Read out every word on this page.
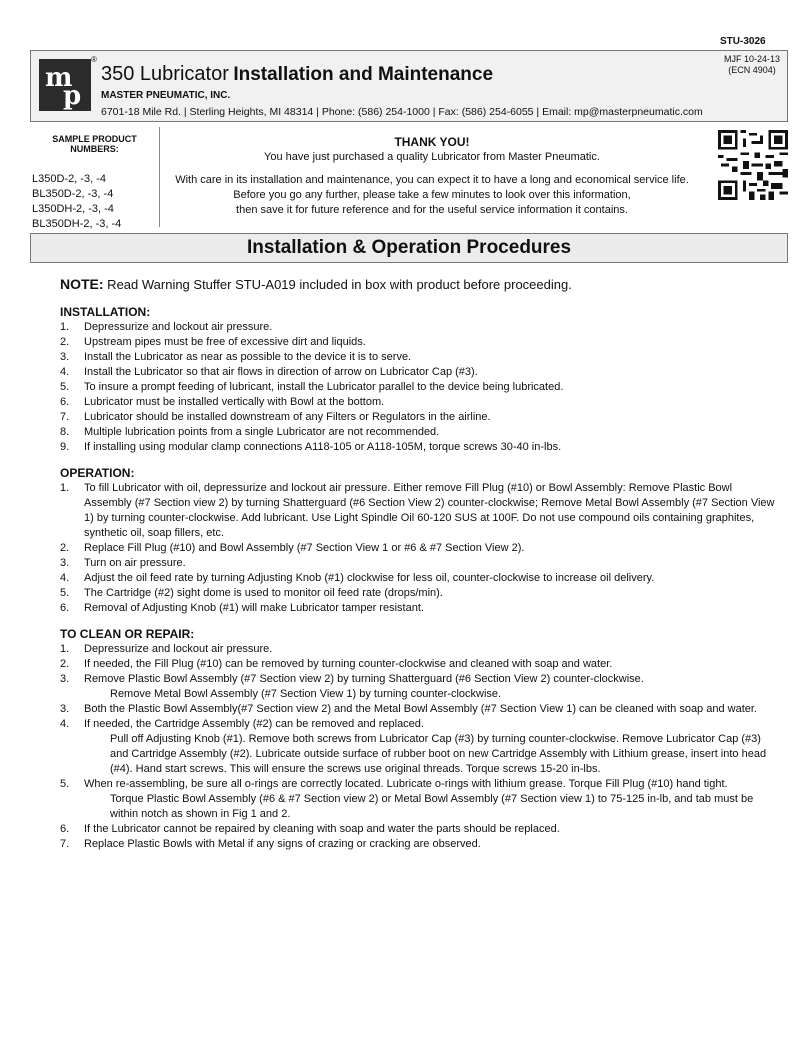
STU-3026
m
p
®
350 Lubricator Installation and Maintenance
MASTER PNEUMATIC, INC.
6701-18 Mile Rd. | Sterling Heights, MI 48314 | Phone: (586) 254-1000 | Fax: (586) 254-6055 | Email: mp@masterpneumatic.com
MJF 10-24-13
(ECN 4904)
SAMPLE PRODUCT NUMBERS:
L350D-2, -3, -4
BL350D-2, -3, -4
L350DH-2, -3, -4
BL350DH-2, -3, -4
THANK YOU!
You have just purchased a quality Lubricator from Master Pneumatic.
With care in its installation and maintenance, you can expect it to have a long and economical service life.
Before you go any further, please take a few minutes to look over this information,
then save it for future reference and for the useful service information it contains.
Installation & Operation Procedures
NOTE: Read Warning Stuffer STU-A019 included in box with product before proceeding.
INSTALLATION:
1. Depressurize and lockout air pressure.
2. Upstream pipes must be free of excessive dirt and liquids.
3. Install the Lubricator as near as possible to the device it is to serve.
4. Install the Lubricator so that air flows in direction of arrow on Lubricator Cap (#3).
5. To insure a prompt feeding of lubricant, install the Lubricator parallel to the device being lubricated.
6. Lubricator must be installed vertically with Bowl at the bottom.
7. Lubricator should be installed downstream of any Filters or Regulators in the airline.
8. Multiple lubrication points from a single Lubricator are not recommended.
9. If installing using modular clamp connections A118-105 or A118-105M, torque screws 30-40 in-lbs.
OPERATION:
1. To fill Lubricator with oil, depressurize and lockout air pressure. Either remove Fill Plug (#10) or Bowl Assembly: Remove Plastic Bowl Assembly (#7 Section view 2) by turning Shatterguard (#6 Section View 2) counter-clockwise; Remove Metal Bowl Assembly (#7 Section View 1) by turning counter-clockwise. Add lubricant. Use Light Spindle Oil 60-120 SUS at 100F. Do not use compound oils containing graphites, synthetic oil, soap fillers, etc.
2. Replace Fill Plug (#10) and Bowl Assembly (#7 Section View 1 or #6 & #7 Section View 2).
3. Turn on air pressure.
4. Adjust the oil feed rate by turning Adjusting Knob (#1) clockwise for less oil, counter-clockwise to increase oil delivery.
5. The Cartridge (#2) sight dome is used to monitor oil feed rate (drops/min).
6. Removal of Adjusting Knob (#1) will make Lubricator tamper resistant.
TO CLEAN OR REPAIR:
1. Depressurize and lockout air pressure.
2. If needed, the Fill Plug (#10) can be removed by turning counter-clockwise and cleaned with soap and water.
3. Remove Plastic Bowl Assembly (#7 Section view 2) by turning Shatterguard (#6 Section View 2) counter-clockwise.
Remove Metal Bowl Assembly (#7 Section View 1) by turning counter-clockwise.
3. Both the Plastic Bowl Assembly(#7 Section view 2) and the Metal Bowl Assembly (#7 Section View 1) can be cleaned with soap and water.
4. If needed, the Cartridge Assembly (#2) can be removed and replaced.
Pull off Adjusting Knob (#1). Remove both screws from Lubricator Cap (#3) by turning counter-clockwise. Remove Lubricator Cap (#3) and Cartridge Assembly (#2). Lubricate outside surface of rubber boot on new Cartridge Assembly with Lithium grease, insert into head (#4). Hand start screws. This will ensure the screws use original threads. Torque screws 15-20 in-lbs.
5. When re-assembling, be sure all o-rings are correctly located. Lubricate o-rings with lithium grease. Torque Fill Plug (#10) hand tight.
Torque Plastic Bowl Assembly (#6 & #7 Section view 2) or Metal Bowl Assembly (#7 Section view 1) to 75-125 in-lb, and tab must be within notch as shown in Fig 1 and 2.
6. If the Lubricator cannot be repaired by cleaning with soap and water the parts should be replaced.
7. Replace Plastic Bowls with Metal if any signs of crazing or cracking are observed.
